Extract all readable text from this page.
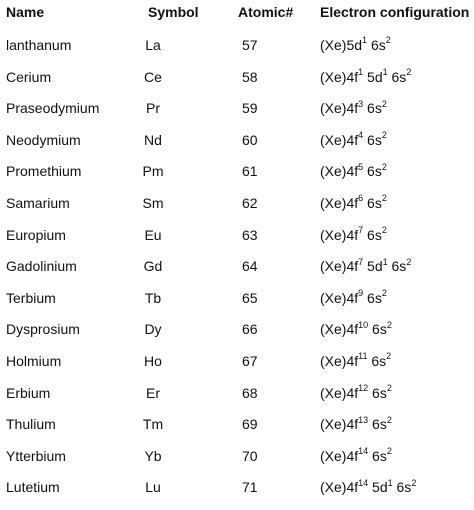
Name	Symbol	Atomic# Electron configuration
lanthanum	La	57	$(Xe)5d^1$ $6s^2$
Cerium	Ce	58	$(Xe)4f^1$ $5d^1$ $6s^2$
Praseodymium	Pr	59	$(Xe)4f^3$ $6s^2$
Neodymium	Nd	60	$(Xe)4f^4$ $6s^2$
Promethium	Pm	61	$(Xe)4f^5$ $6s^2$
Samarium	Sm	62	$(Xe)4f^6$ $6s^2$
Europium	Eu	63	$(Xe)4f^7$ $6s^2$
Gadolinium	Gd	64	$(Xe)4f^7$ $5d^1$ $6s^2$
Terbium	Tb	65	$(Xe)4f^9$ $6s^2$
Dysprosium	Dy	66	$(Xe)4f^{10}$ $6s^2$
Holmium	Ho	67	$(Xe)4f^{11}$ $6s^2$
Erbium	Er	68	$(Xe)4f^{12}$ $6s^2$
Thulium	Tm	69	$(Xe)4f^{13}$ $6s^2$
Ytterbium	Yb	70	$(Xe)4f^{14}$ $6s^2$
Lutetium	Lu	71	$(Xe)4f^{14}$ $5d^1$ $6s^2$
